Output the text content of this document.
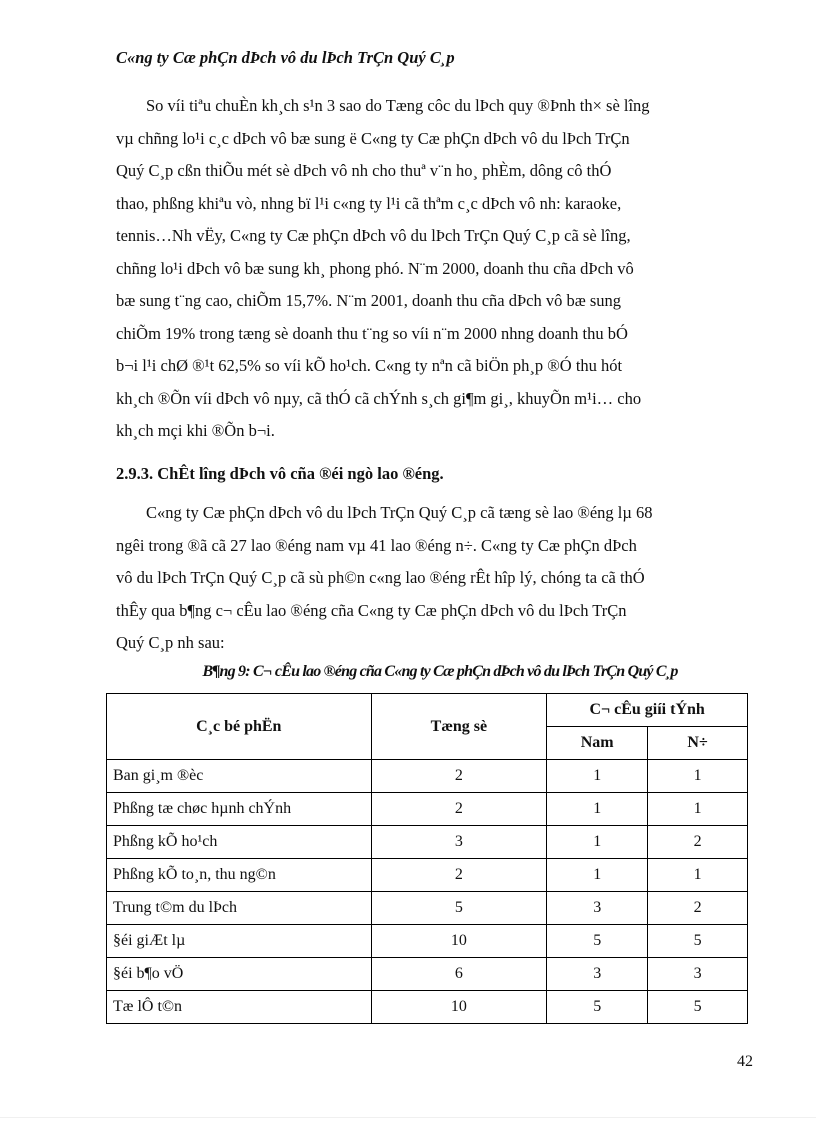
C«ng ty Cæ phÇn dÞch vô du lÞch TrÇn Quý C¸p
So víi tiªu chuÈn kh¸ch s¹n 3 sao do Tæng côc du lÞch quy ®Þnh th× sè lîng
vµ chñng lo¹i c¸c dÞch vô bæ sung ë C«ng ty Cæ phÇn dÞch vô du lÞch TrÇn
Quý C¸p cßn thiÕu mét sè dÞch vô nh cho thuª v¨n ho¸ phÈm, dông cô thÓ
thao, phßng khiªu vò, nhng bï l¹i c«ng ty l¹i cã thªm c¸c dÞch vô nh: karaoke,
tennis…Nh vËy, C«ng ty Cæ phÇn dÞch vô du lÞch TrÇn Quý C¸p cã sè lîng,
chñng lo¹i dÞch vô bæ sung kh¸ phong phó. N¨m 2000, doanh thu cña dÞch vô
bæ sung t¨ng cao, chiÕm 15,7%. N¨m 2001, doanh thu cña dÞch vô bæ sung
chiÕm 19% trong tæng sè doanh thu t¨ng so víi n¨m 2000 nhng doanh thu bÓ
b¬i l¹i chØ ®¹t 62,5% so víi kÕ ho¹ch. C«ng ty nªn cã biÖn ph¸p ®Ó thu hót
kh¸ch ®Õn víi dÞch vô nµy, cã thÓ cã chÝnh s¸ch gi¶m gi¸, khuyÕn m¹i… cho
kh¸ch mçi khi ®Õn b¬i.
2.9.3. ChÊt lîng dÞch vô cña ®éi ngò lao ®éng.
C«ng ty Cæ phÇn dÞch vô du lÞch TrÇn Quý C¸p cã tæng sè lao ®éng lµ 68
ngêi trong ®ã cã 27 lao ®éng nam vµ 41 lao ®éng n÷. C«ng ty Cæ phÇn dÞch
vô du lÞch TrÇn Quý C¸p cã sù ph©n c«ng lao ®éng rÊt hîp lý, chóng ta cã thÓ
thÊy qua b¶ng c¬ cÊu lao ®éng cña C«ng ty Cæ phÇn dÞch vô du lÞch TrÇn
Quý C¸p nh sau:
B¶ng 9: C¬ cÊu lao ®éng cña C«ng ty Cæ phÇn dÞch vô du lÞch TrÇn Quý C¸p
C¸c bé phËn	Tæng sè	C¬ cÊu giíi tÝnh	
		Nam	N÷
Ban gi¸m ®èc	2	1	1
Phßng tæ chøc hµnh chÝnh	2	1	1
Phßng kÕ ho¹ch	3	1	2
Phßng kÕ to¸n, thu ng©n	2	1	1
Trung t©m du lÞch	5	3	2
§éi giÆt lµ	10	5	5
§éi b¶o vÖ	6	3	3
Tæ lÔ t©n	10	5	5
42
